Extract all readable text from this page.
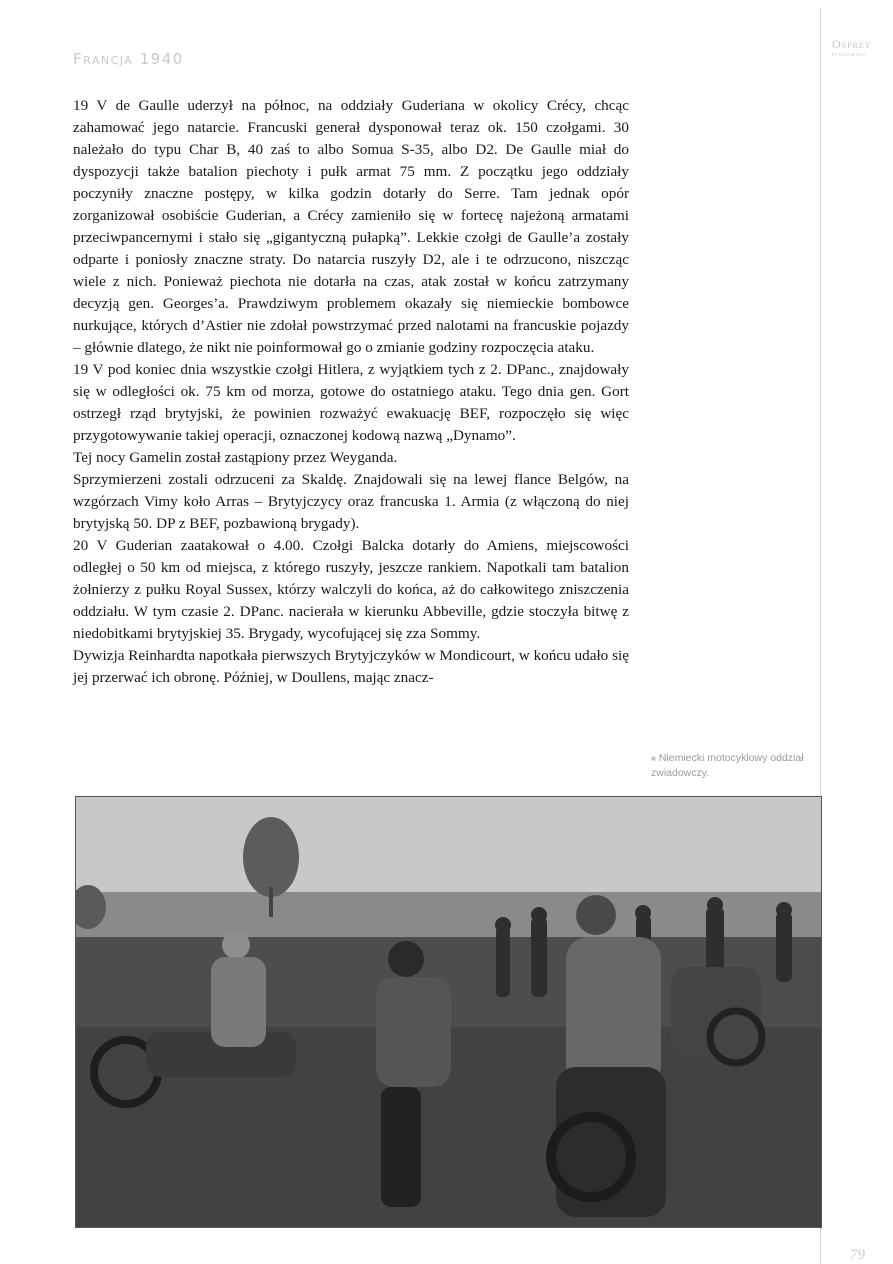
Francja 1940
Osprey
publishing

19 V de Gaulle uderzył na północ, na oddziały Guderiana w okolicy Crécy, chcąc zahamować jego natarcie. Francuski generał dysponował teraz ok. 150 czołgami. 30 należało do typu Char B, 40 zaś to albo Somua S-35, albo D2. De Gaulle miał do dyspozycji także batalion piechoty i pułk armat 75 mm. Z początku jego oddziały poczyniły znaczne postępy, w kilka godzin dotarły do Serre. Tam jednak opór zorganizował osobiście Guderian, a Crécy zamieniło się w fortecę najeżoną armatami przeciwpancernymi i stało się „gigantyczną pułapką”. Lekkie czołgi de Gaulle’a zostały odparte i poniosły znaczne straty. Do natarcia ruszyły D2, ale i te odrzucono, niszcząc wiele z nich. Ponieważ piechota nie dotarła na czas, atak został w końcu zatrzymany decyzją gen. Georges’a. Prawdziwym problemem okazały się niemieckie bombowce nurkujące, których d’Astier nie zdołał powstrzymać przed nalotami na francuskie pojazdy – głównie dlatego, że nikt nie poinformował go o zmianie godziny rozpoczęcia ataku.

19 V pod koniec dnia wszystkie czołgi Hitlera, z wyjątkiem tych z 2. DPanc., znajdowały się w odległości ok. 75 km od morza, gotowe do ostatniego ataku. Tego dnia gen. Gort ostrzegł rząd brytyjski, że powinien rozważyć ewakuację BEF, rozpoczęło się więc przygotowywanie takiej operacji, oznaczonej kodową nazwą „Dynamo”.

Tej nocy Gamelin został zastąpiony przez Weyganda.

Sprzymierzeni zostali odrzuceni za Skaldę. Znajdowali się na lewej flance Belgów, na wzgórzach Vimy koło Arras – Brytyjczycy oraz francuska 1. Armia (z włączoną do niej brytyjską 50. DP z BEF, pozbawioną brygady).

20 V Guderian zaatakował o 4.00. Czołgi Balcka dotarły do Amiens, miejscowości odległej o 50 km od miejsca, z którego ruszyły, jeszcze rankiem. Napotkali tam batalion żołnierzy z pułku Royal Sussex, którzy walczyli do końca, aż do całkowitego zniszczenia oddziału. W tym czasie 2. DPanc. nacierała w kierunku Abbeville, gdzie stoczyła bitwę z niedobitkami brytyjskiej 35. Brygady, wycofującej się zza Sommy.

Dywizja Reinhardta napotkała pierwszych Brytyjczyków w Mondicourt, w końcu udało się jej przerwać ich obronę. Później, w Doullens, mając znacz-

■ Niemiecki motocyklowy oddział zwiadowczy.
79
